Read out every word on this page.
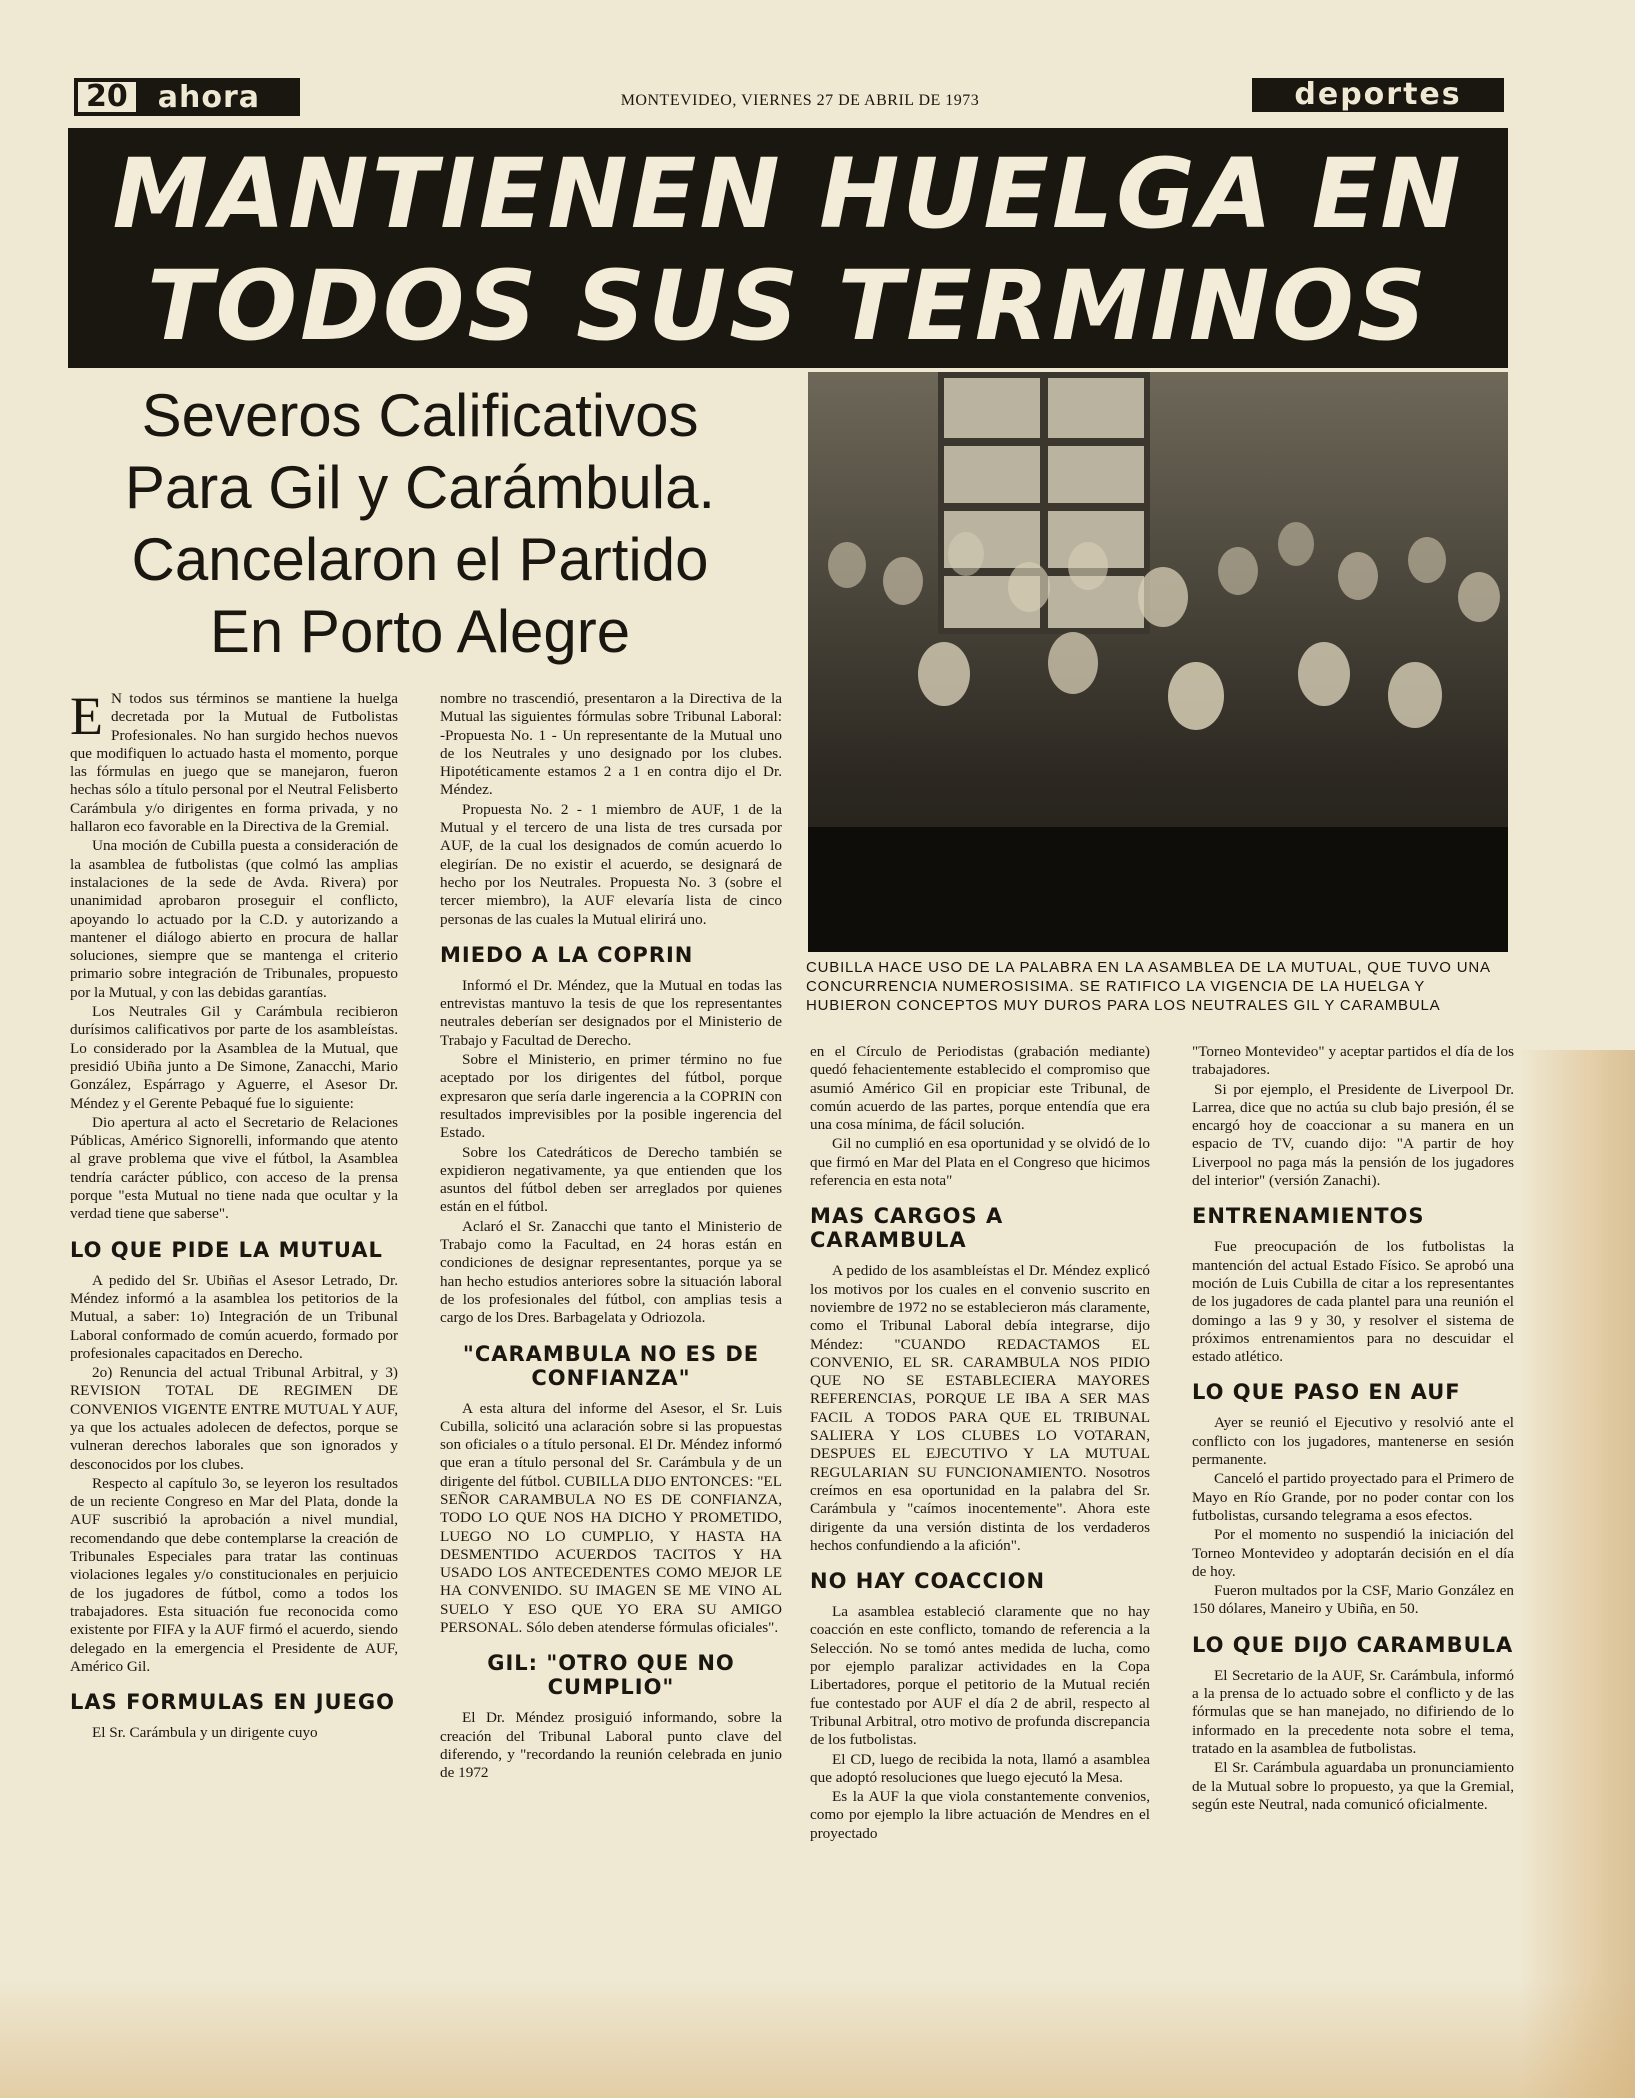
20	ahora	MONTEVIDEO, VIERNES 27 DE ABRIL DE 1973	deportes
MANTIENEN HUELGA EN
TODOS SUS TERMINOS
Severos Calificativos
Para Gil y Carámbula.
Cancelaron el Partido
En Porto Alegre
CUBILLA HACE USO DE LA PALABRA EN LA ASAMBLEA DE LA MUTUAL, QUE TUVO UNA CONCURRENCIA NUMEROSISIMA. SE RATIFICO LA VIGENCIA DE LA HUELGA Y HUBIERON CONCEPTOS MUY DUROS PARA LOS NEUTRALES GIL Y CARAMBULA

E N todos sus términos se mantiene la huelga decretada por la Mutual de Futbolistas Profesionales. No han surgido hechos nuevos que modifiquen lo actuado hasta el momento, porque las fórmulas en juego que se manejaron, fueron hechas sólo a título personal por el Neutral Felisberto Carámbula y/o dirigentes en forma privada, y no hallaron eco favorable en la Directiva de la Gremial.

Una moción de Cubilla puesta a consideración de la asamblea de futbolistas (que colmó las amplias instalaciones de la sede de Avda. Rivera) por unanimidad aprobaron proseguir el conflicto, apoyando lo actuado por la C.D. y autorizando a mantener el diálogo abierto en procura de hallar soluciones, siempre que se mantenga el criterio primario sobre integración de Tribunales, propuesto por la Mutual, y con las debidas garantías.

Los Neutrales Gil y Carámbula recibieron durísimos calificativos por parte de los asambleístas. Lo considerado por la Asamblea de la Mutual, que presidió Ubiña junto a De Simone, Zanacchi, Mario González, Espárrago y Aguerre, el Asesor Dr. Méndez y el Gerente Pebaqué fue lo siguiente:

Dio apertura al acto el Secretario de Relaciones Públicas, Américo Signorelli, informando que atento al grave problema que vive el fútbol, la Asamblea tendría carácter público, con acceso de la prensa porque "esta Mutual no tiene nada que ocultar y la verdad tiene que saberse".

LO QUE PIDE LA MUTUAL

A pedido del Sr. Ubiñas el Asesor Letrado, Dr. Méndez informó a la asamblea los petitorios de la Mutual, a saber: 1o) Integración de un Tribunal Laboral conformado de común acuerdo, formado por profesionales capacitados en Derecho.

2o) Renuncia del actual Tribunal Arbitral, y 3) REVISION TOTAL DE REGIMEN DE CONVENIOS VIGENTE ENTRE MUTUAL Y AUF, ya que los actuales adolecen de defectos, porque se vulneran derechos laborales que son ignorados y desconocidos por los clubes.

Respecto al capítulo 3o, se leyeron los resultados de un reciente Congreso en Mar del Plata, donde la AUF suscribió la aprobación a nivel mundial, recomendando que debe contemplarse la creación de Tribunales Especiales para tratar las continuas violaciones legales y/o constitucionales en perjuicio de los jugadores de fútbol, como a todos los trabajadores. Esta situación fue reconocida como existente por FIFA y la AUF firmó el acuerdo, siendo delegado en la emergencia el Presidente de AUF, Américo Gil.

LAS FORMULAS EN JUEGO

El Sr. Carámbula y un dirigente cuyo

nombre no trascendió, presentaron a la Directiva de la Mutual las siguientes fórmulas sobre Tribunal Laboral: -Propuesta No. 1 - Un representante de la Mutual uno de los Neutrales y uno designado por los clubes. Hipotéticamente estamos 2 a 1 en contra dijo el Dr. Méndez.

Propuesta No. 2 - 1 miembro de AUF, 1 de la Mutual y el tercero de una lista de tres cursada por AUF, de la cual los designados de común acuerdo lo elegirían. De no existir el acuerdo, se designará de hecho por los Neutrales. Propuesta No. 3 (sobre el tercer miembro), la AUF elevaría lista de cinco personas de las cuales la Mutual elirirá uno.

MIEDO A LA COPRIN

Informó el Dr. Méndez, que la Mutual en todas las entrevistas mantuvo la tesis de que los representantes neutrales deberían ser designados por el Ministerio de Trabajo y Facultad de Derecho.

Sobre el Ministerio, en primer término no fue aceptado por los dirigentes del fútbol, porque expresaron que sería darle ingerencia a la COPRIN con resultados imprevisibles por la posible ingerencia del Estado.

Sobre los Catedráticos de Derecho también se expidieron negativamente, ya que entienden que los asuntos del fútbol deben ser arreglados por quienes están en el fútbol.

Aclaró el Sr. Zanacchi que tanto el Ministerio de Trabajo como la Facultad, en 24 horas están en condiciones de designar representantes, porque ya se han hecho estudios anteriores sobre la situación laboral de los profesionales del fútbol, con amplias tesis a cargo de los Dres. Barbagelata y Odriozola.

"CARAMBULA NO ES DE CONFIANZA"

A esta altura del informe del Asesor, el Sr. Luis Cubilla, solicitó una aclaración sobre si las propuestas son oficiales o a título personal. El Dr. Méndez informó que eran a título personal del Sr. Carámbula y de un dirigente del fútbol. CUBILLA DIJO ENTONCES: "EL SEÑOR CARAMBULA NO ES DE CONFIANZA, TODO LO QUE NOS HA DICHO Y PROMETIDO, LUEGO NO LO CUMPLIO, Y HASTA HA DESMENTIDO ACUERDOS TACITOS Y HA USADO LOS ANTECEDENTES COMO MEJOR LE HA CONVENIDO. SU IMAGEN SE ME VINO AL SUELO Y ESO QUE YO ERA SU AMIGO PERSONAL. Sólo deben atenderse fórmulas oficiales".

GIL: "OTRO QUE NO CUMPLIO"

El Dr. Méndez prosiguió informando, sobre la creación del Tribunal Laboral punto clave del diferendo, y "recordando la reunión celebrada en junio de 1972

en el Círculo de Periodistas (grabación mediante) quedó fehacientemente establecido el compromiso que asumió Américo Gil en propiciar este Tribunal, de común acuerdo de las partes, porque entendía que era una cosa mínima, de fácil solución.

Gil no cumplió en esa oportunidad y se olvidó de lo que firmó en Mar del Plata en el Congreso que hicimos referencia en esta nota"

MAS CARGOS A CARAMBULA

A pedido de los asambleístas el Dr. Méndez explicó los motivos por los cuales en el convenio suscrito en noviembre de 1972 no se establecieron más claramente, como el Tribunal Laboral debía integrarse, dijo Méndez: "CUANDO REDACTAMOS EL CONVENIO, EL SR. CARAMBULA NOS PIDIO QUE NO SE ESTABLECIERA MAYORES REFERENCIAS, PORQUE LE IBA A SER MAS FACIL A TODOS PARA QUE EL TRIBUNAL SALIERA Y LOS CLUBES LO VOTARAN, DESPUES EL EJECUTIVO Y LA MUTUAL REGULARIAN SU FUNCIONAMIENTO. Nosotros creímos en esa oportunidad en la palabra del Sr. Carámbula y "caímos inocentemente". Ahora este dirigente da una versión distinta de los verdaderos hechos confundiendo a la afición".

NO HAY COACCION

La asamblea estableció claramente que no hay coacción en este conflicto, tomando de referencia a la Selección. No se tomó antes medida de lucha, como por ejemplo paralizar actividades en la Copa Libertadores, porque el petitorio de la Mutual recién fue contestado por AUF el día 2 de abril, respecto al Tribunal Arbitral, otro motivo de profunda discrepancia de los futbolistas.

El CD, luego de recibida la nota, llamó a asamblea que adoptó resoluciones que luego ejecutó la Mesa.

Es la AUF la que viola constantemente convenios, como por ejemplo la libre actuación de Mendres en el proyectado

"Torneo Montevideo" y aceptar partidos el día de los trabajadores.

Si por ejemplo, el Presidente de Liverpool Dr. Larrea, dice que no actúa su club bajo presión, él se encargó hoy de coaccionar a su manera en un espacio de TV, cuando dijo: "A partir de hoy Liverpool no paga más la pensión de los jugadores del interior" (versión Zanachi).

ENTRENAMIENTOS

Fue preocupación de los futbolistas la mantención del actual Estado Físico. Se aprobó una moción de Luis Cubilla de citar a los representantes de los jugadores de cada plantel para una reunión el domingo a las 9 y 30, y resolver el sistema de próximos entrenamientos para no descuidar el estado atlético.

LO QUE PASO EN AUF

Ayer se reunió el Ejecutivo y resolvió ante el conflicto con los jugadores, mantenerse en sesión permanente.

Canceló el partido proyectado para el Primero de Mayo en Río Grande, por no poder contar con los futbolistas, cursando telegrama a esos efectos.

Por el momento no suspendió la iniciación del Torneo Montevideo y adoptarán decisión en el día de hoy.

Fueron multados por la CSF, Mario González en 150 dólares, Maneiro y Ubiña, en 50.

LO QUE DIJO CARAMBULA

El Secretario de la AUF, Sr. Carámbula, informó a la prensa de lo actuado sobre el conflicto y de las fórmulas que se han manejado, no difiriendo de lo informado en la precedente nota sobre el tema, tratado en la asamblea de futbolistas.

El Sr. Carámbula aguardaba un pronunciamiento de la Mutual sobre lo propuesto, ya que la Gremial, según este Neutral, nada comunicó oficialmente.
